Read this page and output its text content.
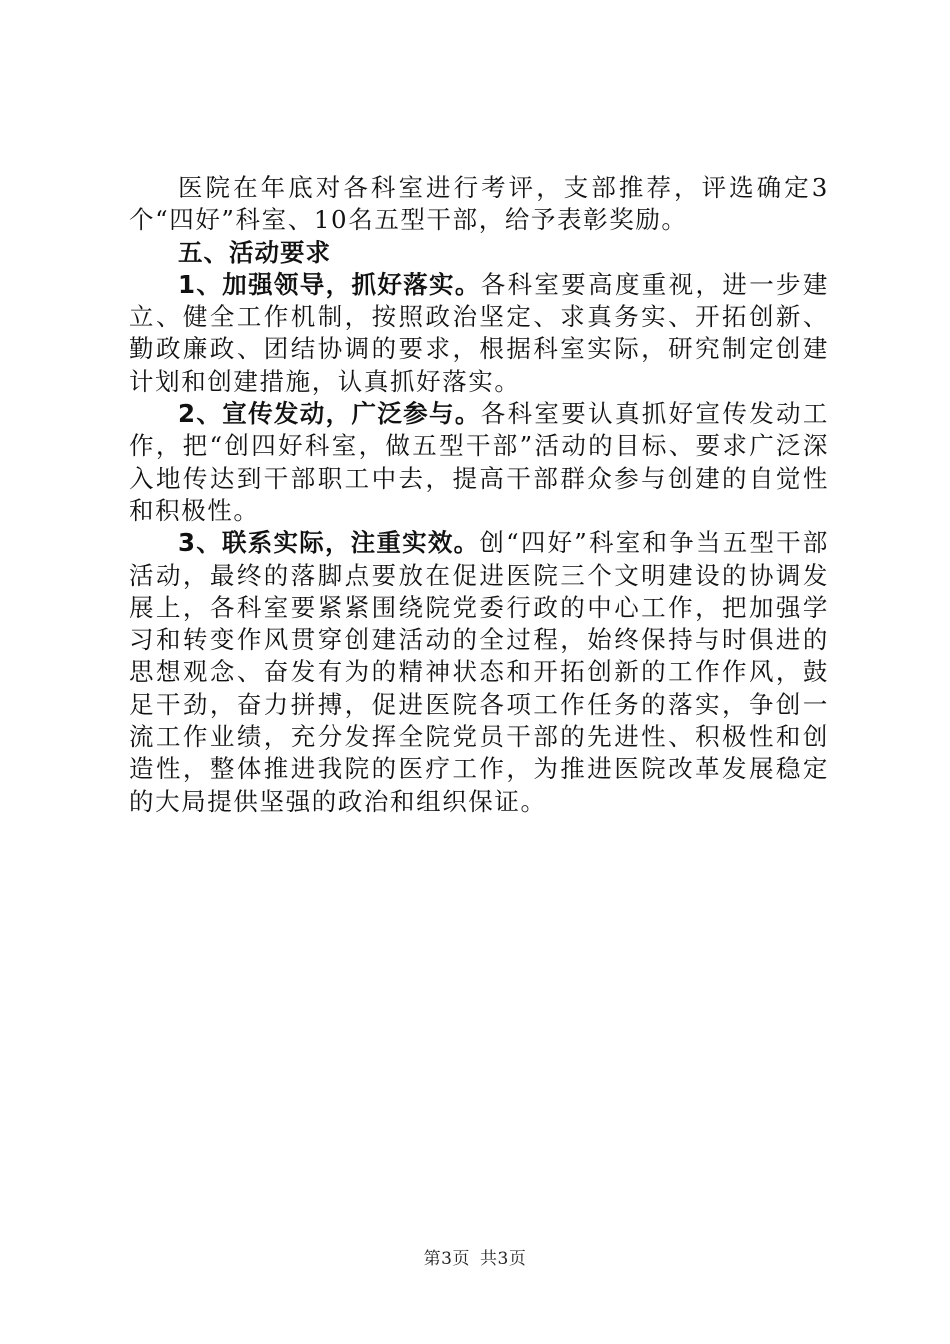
医院在年底对各科室进行考评，支部推荐，评选确定3个“四好”科室、10名五型干部，给予表彰奖励。

五、活动要求

1、加强领导，抓好落实。各科室要高度重视，进一步建立、健全工作机制，按照政治坚定、求真务实、开拓创新、勤政廉政、团结协调的要求，根据科室实际，研究制定创建计划和创建措施，认真抓好落实。

2、宣传发动，广泛参与。各科室要认真抓好宣传发动工作，把“创四好科室，做五型干部”活动的目标、要求广泛深入地传达到干部职工中去，提高干部群众参与创建的自觉性和积极性。

3、联系实际，注重实效。创“四好”科室和争当五型干部活动，最终的落脚点要放在促进医院三个文明建设的协调发展上，各科室要紧紧围绕院党委行政的中心工作，把加强学习和转变作风贯穿创建活动的全过程，始终保持与时俱进的思想观念、奋发有为的精神状态和开拓创新的工作作风，鼓足干劲，奋力拼搏，促进医院各项工作任务的落实，争创一流工作业绩，充分发挥全院党员干部的先进性、积极性和创造性，整体推进我院的医疗工作，为推进医院改革发展稳定的大局提供坚强的政治和组织保证。

第3页 共3页
